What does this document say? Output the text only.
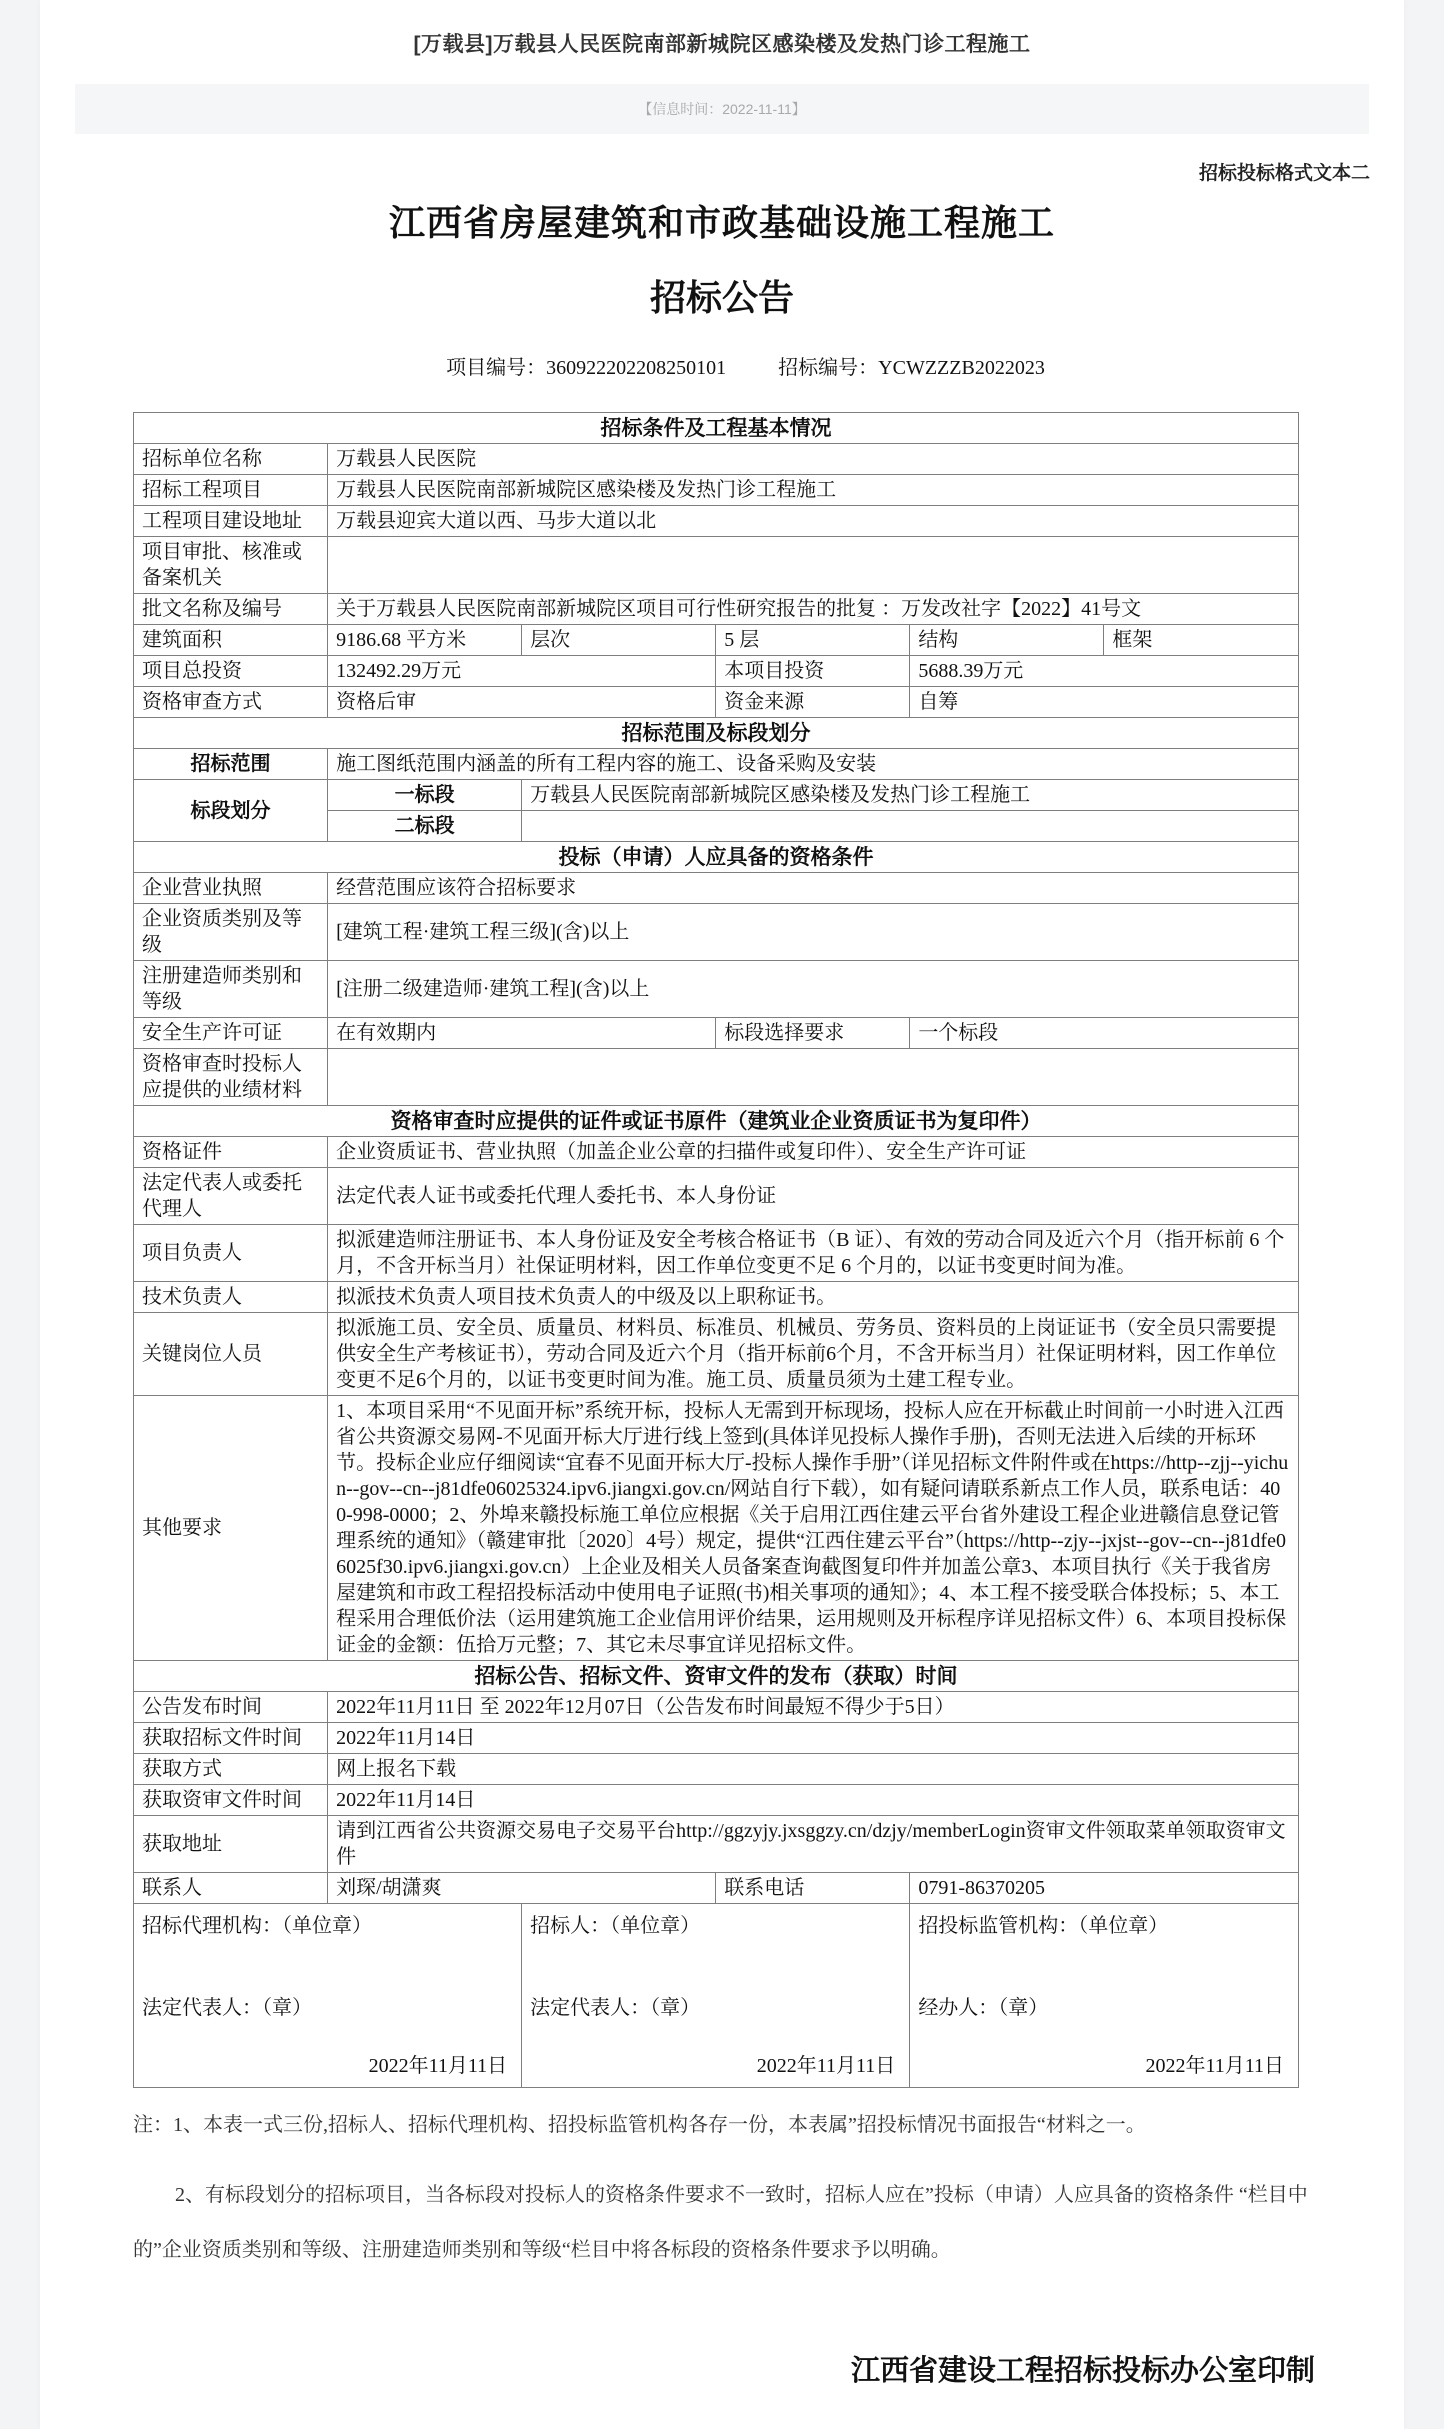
[万载县]万载县人民医院南部新城院区感染楼及发热门诊工程施工
【信息时间：2022-11-11】
招标投标格式文本二
江西省房屋建筑和市政基础设施工程施工
招标公告
项目编号：360922202208250101	招标编号：YCWZZZB2022023
招标条件及工程基本情况					
招标单位名称	万载县人民医院				
招标工程项目	万载县人民医院南部新城院区感染楼及发热门诊工程施工				
工程项目建设地址	万载县迎宾大道以西、马步大道以北				
项目审批、核准或备案机关					
批文名称及编号	关于万载县人民医院南部新城院区项目可行性研究报告的批复 ：万发改社字【2022】41号文				
建筑面积	9186.68 平方米	层次	5 层	结构	框架
项目总投资	132492.29万元		本项目投资	5688.39万元	
资格审查方式	资格后审		资金来源	自筹	
招标范围及标段划分					
招标范围	施工图纸范围内涵盖的所有工程内容的施工、设备采购及安装				
标段划分	一标段	万载县人民医院南部新城院区感染楼及发热门诊工程施工			
	二标段				
投标（申请）人应具备的资格条件					
企业营业执照	经营范围应该符合招标要求				
企业资质类别及等级	[建筑工程·建筑工程三级](含)以上				
注册建造师类别和等级	[注册二级建造师·建筑工程](含)以上				
安全生产许可证	在有效期内		标段选择要求	一个标段	
资格审查时投标人应提供的业绩材料					
资格审查时应提供的证件或证书原件（建筑业企业资质证书为复印件）					
资格证件	企业资质证书、营业执照（加盖企业公章的扫描件或复印件）、安全生产许可证				
法定代表人或委托代理人	法定代表人证书或委托代理人委托书、本人身份证				
项目负责人	拟派建造师注册证书、本人身份证及安全考核合格证书（B 证）、有效的劳动合同及近六个月（指开标前 6 个月，不含开标当月）社保证明材料，因工作单位变更不足 6 个月的，以证书变更时间为准。				
技术负责人	拟派技术负责人项目技术负责人的中级及以上职称证书。				
关键岗位人员	拟派施工员、安全员、质量员、材料员、标准员、机械员、劳务员、资料员的上岗证证书（安全员只需要提供安全生产考核证书），劳动合同及近六个月（指开标前6个月，不含开标当月）社保证明材料，因工作单位变更不足6个月的，以证书变更时间为准。施工员、质量员须为土建工程专业。				
其他要求	1、本项目采用“不见面开标”系统开标，投标人无需到开标现场，投标人应在开标截止时间前一小时进入江西省公共资源交易网-不见面开标大厅进行线上签到(具体详见投标人操作手册)，否则无法进入后续的开标环节。投标企业应仔细阅读“宜春不见面开标大厅-投标人操作手册”（详见招标文件附件或在https://http--zjj--yichun--gov--cn--j81dfe06025324.ipv6.jiangxi.gov.cn/网站自行下载），如有疑问请联系新点工作人员，联系电话：400-998-0000；2、外埠来赣投标施工单位应根据《关于启用江西住建云平台省外建设工程企业进赣信息登记管理系统的通知》（赣建审批〔2020〕4号）规定，提供“江西住建云平台”（https://http--zjy--jxjst--gov--cn--j81dfe06025f30.ipv6.jiangxi.gov.cn）上企业及相关人员备案查询截图复印件并加盖公章3、本项目执行《关于我省房屋建筑和市政工程招投标活动中使用电子证照(书)相关事项的通知》；4、本工程不接受联合体投标；5、本工程采用合理低价法（运用建筑施工企业信用评价结果，运用规则及开标程序详见招标文件）6、本项目投标保证金的金额：伍拾万元整；7、其它未尽事宜详见招标文件。				
招标公告、招标文件、资审文件的发布（获取）时间					
公告发布时间	2022年11月11日 至 2022年12月07日（公告发布时间最短不得少于5日）				
获取招标文件时间	2022年11月14日				
获取方式	网上报名下载				
获取资审文件时间	2022年11月14日				
获取地址	请到江西省公共资源交易电子交易平台http://ggzyjy.jxsggzy.cn/dzjy/memberLogin资审文件领取菜单领取资审文件				
联系人	刘琛/胡潇爽		联系电话	0791-86370205	

招标代理机构：（单位章）
法定代表人：（章）
2022年11月11日

招标人：（单位章）
法定代表人：（章）
2022年11月11日

招投标监管机构：（单位章）
经办人：（章）
2022年11月11日

注：1、本表一式三份,招标人、招标代理机构、招投标监管机构各存一份，本表属”招投标情况书面报告“材料之一。

2、有标段划分的招标项目，当各标段对投标人的资格条件要求不一致时，招标人应在”投标（申请）人应具备的资格条件 “栏目中的”企业资质类别和等级、注册建造师类别和等级“栏目中将各标段的资格条件要求予以明确。

江西省建设工程招标投标办公室印制
